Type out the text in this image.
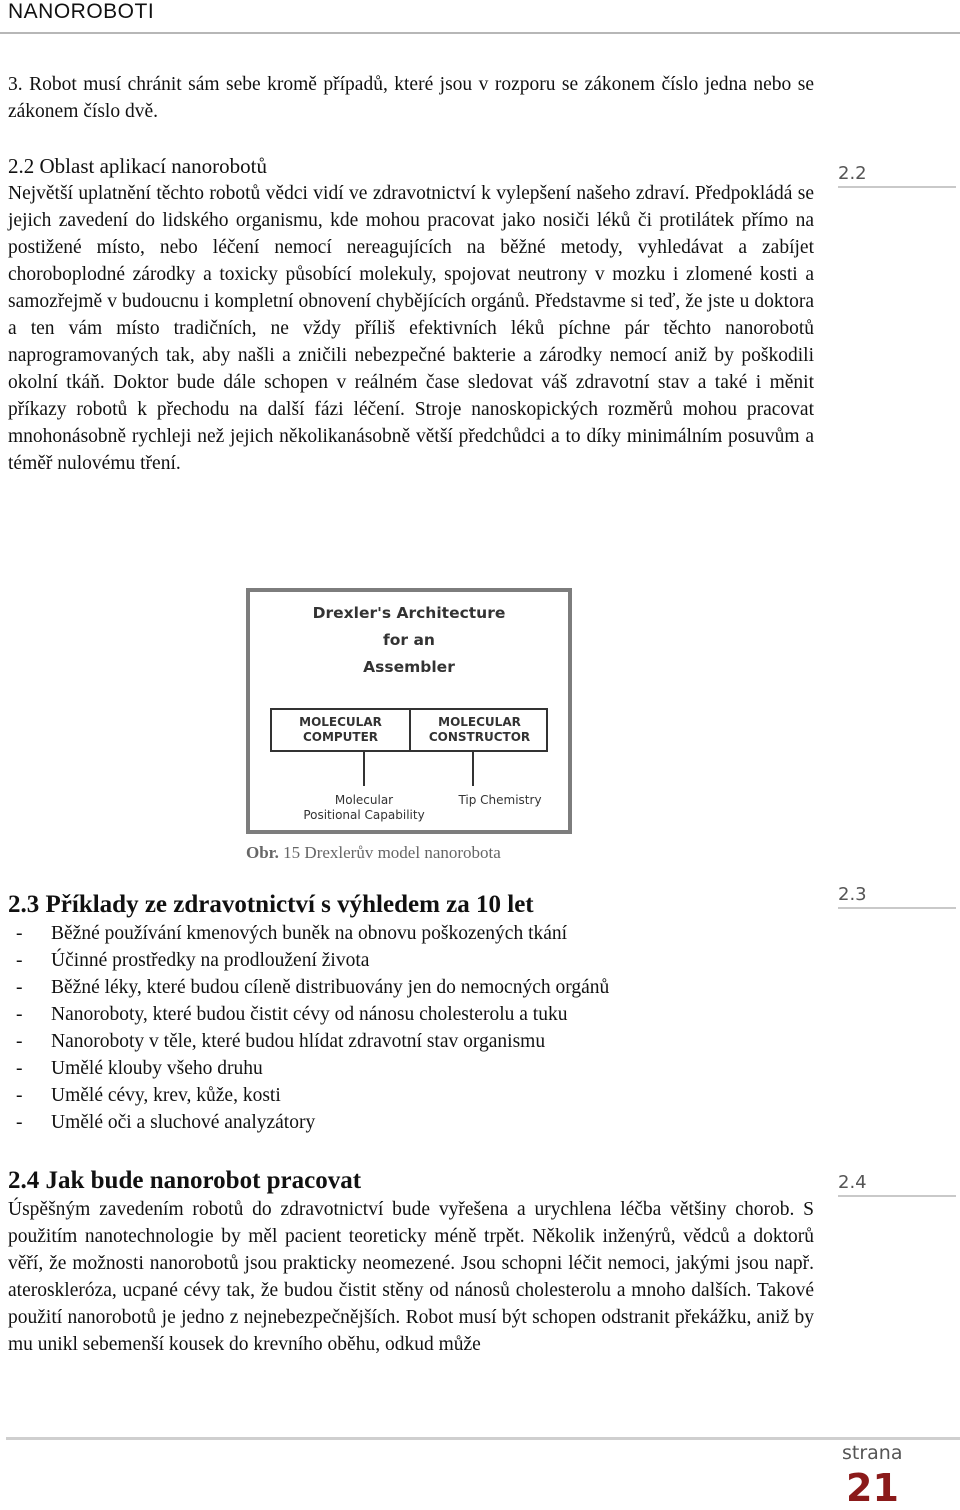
NANOROBOTI

3. Robot musí chránit sám sebe kromě případů, které jsou v rozporu se zákonem číslo jedna nebo se zákonem číslo dvě.

2.2 Oblast aplikací nanorobotů

Největší uplatnění těchto robotů vědci vidí ve zdravotnictví k vylepšení našeho zdraví. Předpokládá se jejich zavedení do lidského organismu, kde mohou pracovat jako nosiči léků či protilátek přímo na postižené místo, nebo léčení nemocí nereagujících na běžné metody, vyhledávat a zabíjet choroboplodné zárodky a toxicky působící molekuly, spojovat neutrony v mozku i zlomené kosti a samozřejmě v budoucnu i kompletní obnovení chybějících orgánů. Představme si teď, že jste u doktora a ten vám místo tradičních, ne vždy příliš efektivních léků píchne pár těchto nanorobotů naprogramovaných tak, aby našli a zničili nebezpečné bakterie a zárodky nemocí aniž by poškodili okolní tkáň. Doktor bude dále schopen v reálném čase sledovat váš zdravotní stav a také i měnit příkazy robotů k přechodu na další fázi léčení. Stroje nanoskopických rozměrů mohou pracovat mnohonásobně rychleji než jejich několikanásobně větší předchůdci a to díky minimálním posuvům a téměř nulovému tření.

2.2
Drexler's Architecture
for an
Assembler
MOLECULAR
COMPUTER
MOLECULAR
CONSTRUCTOR
Molecular
Positional Capability
Tip Chemistry
Obr. 15 Drexlerův model nanorobota

2.3 Příklady ze zdravotnictví s výhledem za 10 let

- Běžné používání kmenových buněk na obnovu poškozených tkání
- Účinné prostředky na prodloužení života
- Běžné léky, které budou cíleně distribuovány jen do nemocných orgánů
- Nanoroboty, které budou čistit cévy od nánosu cholesterolu a tuku
- Nanoroboty v těle, které budou hlídat zdravotní stav organismu
- Umělé klouby všeho druhu
- Umělé cévy, krev, kůže, kosti
- Umělé oči a sluchové analyzátory
2.3

2.4 Jak bude nanorobot pracovat

Úspěšným zavedením robotů do zdravotnictví bude vyřešena a urychlena léčba většiny chorob. S použitím nanotechnologie by měl pacient teoreticky méně trpět. Několik inženýrů, vědců a doktorů věří, že možnosti nanorobotů jsou prakticky neomezené. Jsou schopni léčit nemoci, jakými jsou např. ateroskleróza, ucpané cévy tak, že budou čistit stěny od nánosů cholesterolu a mnoho dalších. Takové použití nanorobotů je jedno z nejnebezpečnějších. Robot musí být schopen odstranit překážku, aniž by mu unikl sebemenší kousek do krevního oběhu, odkud může

2.4
strana
21
